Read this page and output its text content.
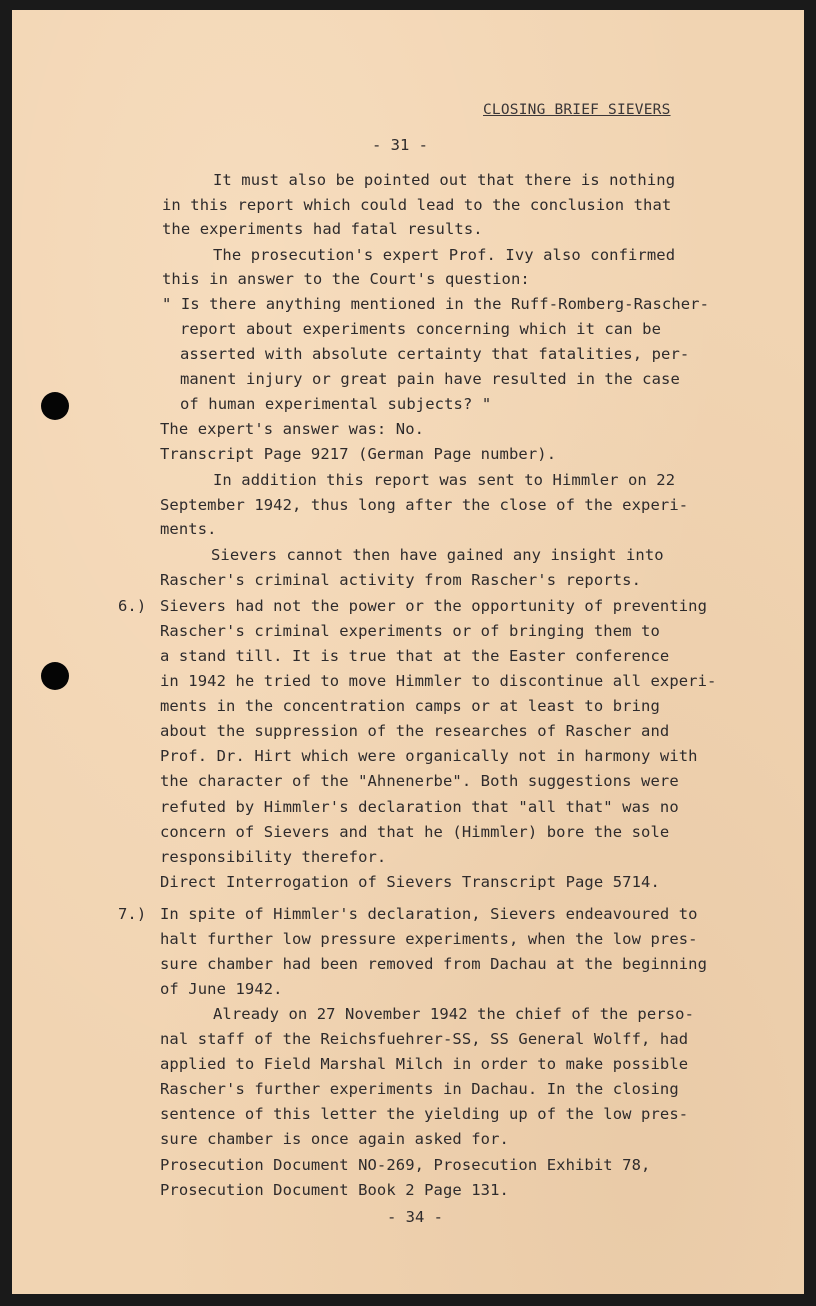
CLOSING BRIEF SIEVERS
- 31 -
It must also be pointed out that there is nothing
in this report which could lead to the conclusion that
the experiments had fatal results.
The prosecution's expert Prof. Ivy also confirmed
this in answer to the Court's question:
" Is there anything mentioned in the Ruff-Romberg-Rascher-
report about experiments concerning which it can be
asserted with absolute certainty that fatalities, per-
manent injury or great pain have resulted in the case
of human experimental subjects? "
The expert's answer was: No.
Transcript Page 9217 (German Page number).
In addition this report was sent to Himmler on 22
September 1942, thus long after the close of the experi-
ments.
Sievers cannot then have gained any insight into
Rascher's criminal activity from Rascher's reports.
6.) Sievers had not the power or the opportunity of preventing
Rascher's criminal experiments or of bringing them to
a stand till. It is true that at the Easter conference
in 1942 he tried to move Himmler to discontinue all experi-
ments in the concentration camps or at least to bring
about the suppression of the researches of Rascher and
Prof. Dr. Hirt which were organically not in harmony with
the character of the "Ahnenerbe". Both suggestions were
refuted by Himmler's declaration that "all that" was no
concern of Sievers and that he (Himmler) bore the sole
responsibility therefor.
Direct Interrogation of Sievers Transcript Page 5714.
7.) In spite of Himmler's declaration, Sievers endeavoured to
halt further low pressure experiments, when the low pres-
sure chamber had been removed from Dachau at the beginning
of June 1942.
Already on 27 November 1942 the chief of the perso-
nal staff of the Reichsfuehrer-SS, SS General Wolff, had
applied to Field Marshal Milch in order to make possible
Rascher's further experiments in Dachau. In the closing
sentence of this letter the yielding up of the low pres-
sure chamber is once again asked for.
Prosecution Document NO-269, Prosecution Exhibit 78,
Prosecution Document Book 2 Page 131.
- 34 -
